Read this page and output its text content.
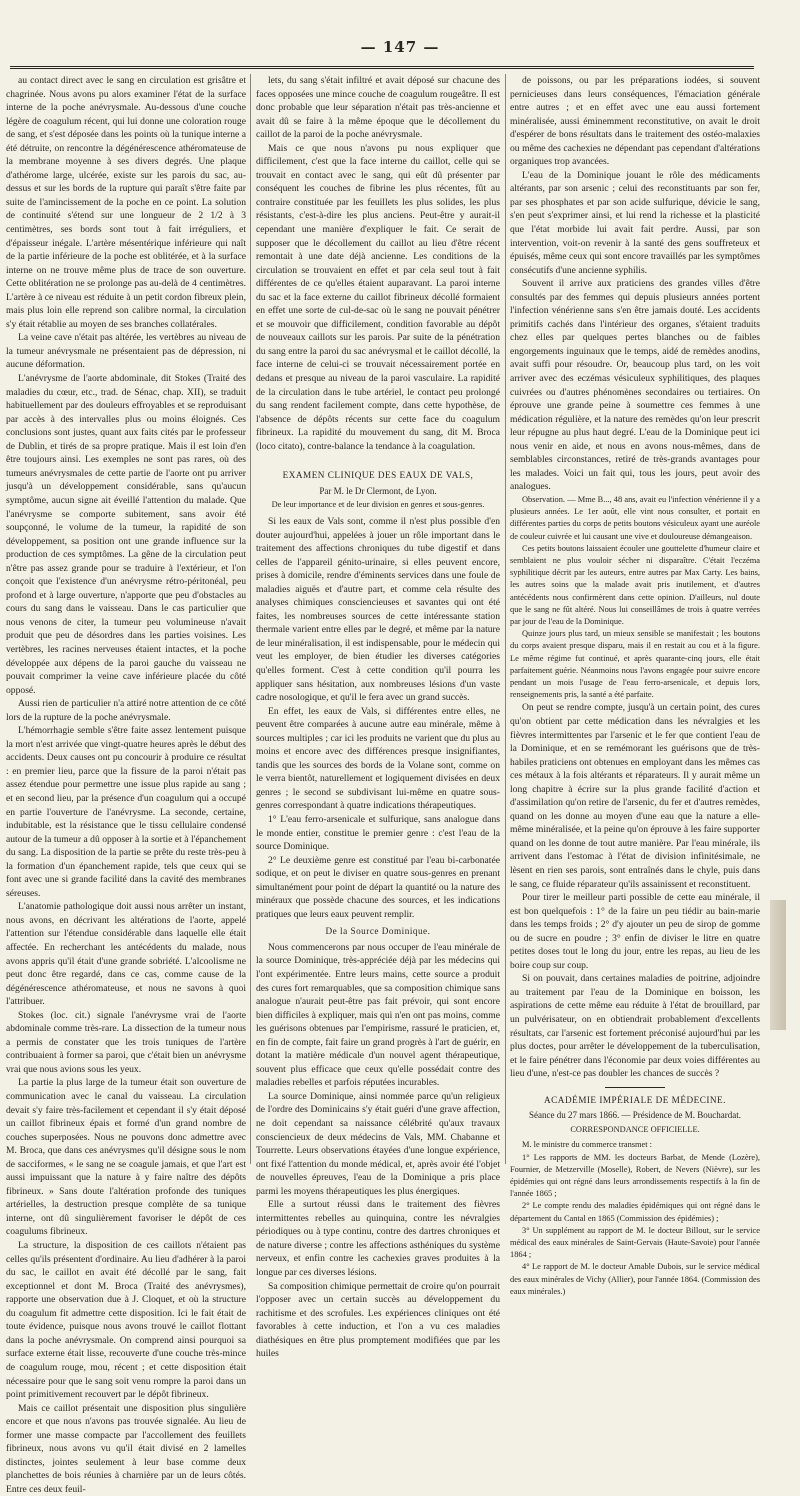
— 147 —

au contact direct avec le sang en circulation est grisâtre et chagrinée. Nous avons pu alors examiner l'état de la surface interne de la poche anévrysmale. Au-dessous d'une couche légère de coagulum récent, qui lui donne une coloration rouge de sang, et s'est déposée dans les points où la tunique interne a été détruite, on rencontre la dégénérescence athéromateuse de la membrane moyenne à ses divers degrés. Une plaque d'athérome large, ulcérée, existe sur les parois du sac, au-dessus et sur les bords de la rupture qui paraît s'être faite par suite de l'amincissement de la poche en ce point. La solution de continuité s'étend sur une longueur de 2 1/2 à 3 centimètres, ses bords sont tout à fait irréguliers, et d'épaisseur inégale. L'artère mésentérique inférieure qui naît de la partie inférieure de la poche est oblitérée, et à la surface interne on ne trouve même plus de trace de son ouverture. Cette oblitération ne se prolonge pas au-delà de 4 centimètres. L'artère à ce niveau est réduite à un petit cordon fibreux plein, mais plus loin elle reprend son calibre normal, la circulation s'y était rétablie au moyen de ses branches collatérales.

La veine cave n'était pas altérée, les vertèbres au niveau de la tumeur anévrysmale ne présentaient pas de dépression, ni aucune déformation.

L'anévrysme de l'aorte abdominale, dit Stokes (Traité des maladies du cœur, etc., trad. de Sénac, chap. XII), se traduit habituellement par des douleurs effroyables et se reproduisant par accès à des intervalles plus ou moins éloignés. Ces conclusions sont justes, quant aux faits cités par le professeur de Dublin, et tirés de sa propre pratique. Mais il est loin d'en être toujours ainsi. Les exemples ne sont pas rares, où des tumeurs anévrysmales de cette partie de l'aorte ont pu arriver jusqu'à un développement considérable, sans qu'aucun symptôme, aucun signe ait éveillé l'attention du malade. Que l'anévrysme se comporte subitement, sans avoir été soupçonné, le volume de la tumeur, la rapidité de son développement, sa position ont une grande influence sur la production de ces symptômes. La gêne de la circulation peut n'être pas assez grande pour se traduire à l'extérieur, et l'on conçoit que l'existence d'un anévrysme rétro-péritonéal, peu profond et à large ouverture, n'apporte que peu d'obstacles au cours du sang dans le vaisseau. Dans le cas particulier que nous venons de citer, la tumeur peu volumineuse n'avait produit que peu de désordres dans les parties voisines. Les vertèbres, les racines nerveuses étaient intactes, et la poche développée aux dépens de la paroi gauche du vaisseau ne pouvait comprimer la veine cave inférieure placée du côté opposé.

Aussi rien de particulier n'a attiré notre attention de ce côté lors de la rupture de la poche anévrysmale.

L'hémorrhagie semble s'être faite assez lentement puisque la mort n'est arrivée que vingt-quatre heures après le début des accidents. Deux causes ont pu concourir à produire ce résultat : en premier lieu, parce que la fissure de la paroi n'était pas assez étendue pour permettre une issue plus rapide au sang ; et en second lieu, par la présence d'un coagulum qui a occupé en partie l'ouverture de l'anévrysme. La seconde, certaine, indubitable, est la résistance que le tissu cellulaire condensé autour de la tumeur a dû opposer à la sortie et à l'épanchement du sang. La disposition de la partie se prête du reste très-peu à la formation d'un épanchement rapide, tels que ceux qui se font avec une si grande facilité dans la cavité des membranes séreuses.

L'anatomie pathologique doit aussi nous arrêter un instant, nous avons, en décrivant les altérations de l'aorte, appelé l'attention sur l'étendue considérable dans laquelle elle était affectée. En recherchant les antécédents du malade, nous avons appris qu'il était d'une grande sobriété. L'alcoolisme ne peut donc être regardé, dans ce cas, comme cause de la dégénérescence athéromateuse, et nous ne savons à quoi l'attribuer.

Stokes (loc. cit.) signale l'anévrysme vrai de l'aorte abdominale comme très-rare. La dissection de la tumeur nous a permis de constater que les trois tuniques de l'artère contribuaient à former sa paroi, que c'était bien un anévrysme vrai que nous avions sous les yeux.

La partie la plus large de la tumeur était son ouverture de communication avec le canal du vaisseau. La circulation devait s'y faire très-facilement et cependant il s'y était déposé un caillot fibrineux épais et formé d'un grand nombre de couches superposées. Nous ne pouvons donc admettre avec M. Broca, que dans ces anévrysmes qu'il désigne sous le nom de sacciformes, « le sang ne se coagule jamais, et que l'art est aussi impuissant que la nature à y faire naître des dépôts fibrineux. » Sans doute l'altération profonde des tuniques artérielles, la destruction presque complète de sa tunique interne, ont dû singulièrement favoriser le dépôt de ces coagulums fibrineux.

La structure, la disposition de ces caillots n'étaient pas celles qu'ils présentent d'ordinaire. Au lieu d'adhérer à la paroi du sac, le caillot en avait été décollé par le sang, fait exceptionnel et dont M. Broca (Traité des anévrysmes), rapporte une observation due à J. Cloquet, et où la structure du coagulum fit admettre cette disposition. Ici le fait était de toute évidence, puisque nous avons trouvé le caillot flottant dans la poche anévrysmale. On comprend ainsi pourquoi sa surface externe était lisse, recouverte d'une couche très-mince de coagulum rouge, mou, récent ; et cette disposition était nécessaire pour que le sang soit venu rompre la paroi dans un point primitivement recouvert par le dépôt fibrineux.

Mais ce caillot présentait une disposition plus singulière encore et que nous n'avons pas trouvée signalée. Au lieu de former une masse compacte par l'accollement des feuillets fibrineux, nous avons vu qu'il était divisé en 2 lamelles distinctes, jointes seulement à leur base comme deux planchettes de bois réunies à charnière par un de leurs côtés. Entre ces deux feuil-

lets, du sang s'était infiltré et avait déposé sur chacune des faces opposées une mince couche de coagulum rougeâtre. Il est donc probable que leur séparation n'était pas très-ancienne et avait dû se faire à la même époque que le décollement du caillot de la paroi de la poche anévrysmale.

Mais ce que nous n'avons pu nous expliquer que difficilement, c'est que la face interne du caillot, celle qui se trouvait en contact avec le sang, qui eût dû présenter par conséquent les couches de fibrine les plus récentes, fût au contraire constituée par les feuillets les plus solides, les plus résistants, c'est-à-dire les plus anciens. Peut-être y aurait-il cependant une manière d'expliquer le fait. Ce serait de supposer que le décollement du caillot au lieu d'être récent remontait à une date déjà ancienne. Les conditions de la circulation se trouvaient en effet et par cela seul tout à fait différentes de ce qu'elles étaient auparavant. La paroi interne du sac et la face externe du caillot fibrineux décollé formaient en effet une sorte de cul-de-sac où le sang ne pouvait pénétrer et se mouvoir que difficilement, condition favorable au dépôt de nouveaux caillots sur les parois. Par suite de la pénétration du sang entre la paroi du sac anévrysmal et le caillot décollé, la face interne de celui-ci se trouvait nécessairement portée en dedans et presque au niveau de la paroi vasculaire. La rapidité de la circulation dans le tube artériel, le contact peu prolongé du sang rendent facilement compte, dans cette hypothèse, de l'absence de dépôts récents sur cette face du coagulum fibrineux. La rapidité du mouvement du sang, dit M. Broca (loco citato), contre-balance la tendance à la coagulation.

EXAMEN CLINIQUE DES EAUX DE VALS,

Par M. le Dr Clermont, de Lyon.

De leur importance et de leur division en genres et sous-genres.

Si les eaux de Vals sont, comme il n'est plus possible d'en douter aujourd'hui, appelées à jouer un rôle important dans le traitement des affections chroniques du tube digestif et dans celles de l'appareil génito-urinaire, si elles peuvent encore, prises à domicile, rendre d'éminents services dans une foule de maladies aiguës et d'autre part, et comme cela résulte des analyses chimiques consciencieuses et savantes qui ont été faites, les nombreuses sources de cette intéressante station thermale varient entre elles par le degré, et même par la nature de leur minéralisation, il est indispensable, pour le médecin qui veut les employer, de bien étudier les diverses catégories qu'elles forment. C'est à cette condition qu'il pourra les appliquer sans hésitation, aux nombreuses lésions d'un vaste cadre nosologique, et qu'il le fera avec un grand succès.

En effet, les eaux de Vals, si différentes entre elles, ne peuvent être comparées à aucune autre eau minérale, même à sources multiples ; car ici les produits ne varient que du plus au moins et encore avec des différences presque insignifiantes, tandis que les sources des bords de la Volane sont, comme on le verra bientôt, naturellement et logiquement divisées en deux genres ; le second se subdivisant lui-même en quatre sous-genres correspondant à quatre indications thérapeutiques.

1° L'eau ferro-arsenicale et sulfurique, sans analogue dans le monde entier, constitue le premier genre : c'est l'eau de la source Dominique.

2° Le deuxième genre est constitué par l'eau bi-carbonatée sodique, et on peut le diviser en quatre sous-genres en prenant simultanément pour point de départ la quantité ou la nature des minéraux que possède chacune des sources, et les indications pratiques que leurs eaux peuvent remplir.

De la Source Dominique.

Nous commencerons par nous occuper de l'eau minérale de la source Dominique, très-appréciée déjà par les médecins qui l'ont expérimentée. Entre leurs mains, cette source a produit des cures fort remarquables, que sa composition chimique sans analogue n'aurait peut-être pas fait prévoir, qui sont encore bien difficiles à expliquer, mais qui n'en ont pas moins, comme les guérisons obtenues par l'empirisme, rassuré le praticien, et, en fin de compte, fait faire un grand progrès à l'art de guérir, en dotant la matière médicale d'un nouvel agent thérapeutique, souvent plus efficace que ceux qu'elle possédait contre des maladies rebelles et parfois réputées incurables.

La source Dominique, ainsi nommée parce qu'un religieux de l'ordre des Dominicains s'y était guéri d'une grave affection, ne doit cependant sa naissance célébrité qu'aux travaux consciencieux de deux médecins de Vals, MM. Chabanne et Tourrette. Leurs observations étayées d'une longue expérience, ont fixé l'attention du monde médical, et, après avoir été l'objet de nouvelles épreuves, l'eau de la Dominique a pris place parmi les moyens thérapeutiques les plus énergiques.

Elle a surtout réussi dans le traitement des fièvres intermittentes rebelles au quinquina, contre les névralgies périodiques ou à type continu, contre des dartres chroniques et de nature diverse ; contre les affections asthéniques du système nerveux, et enfin contre les cachexies graves produites à la longue par ces diverses lésions.

Sa composition chimique permettait de croire qu'on pourrait l'opposer avec un certain succès au développement du rachitisme et des scrofules. Les expériences cliniques ont été favorables à cette induction, et l'on a vu ces maladies diathésiques en être plus promptement modifiées que par les huiles

de poissons, ou par les préparations iodées, si souvent pernicieuses dans leurs conséquences, l'émaciation générale entre autres ; et en effet avec une eau aussi fortement minéralisée, aussi éminemment reconstitutive, on avait le droit d'espérer de bons résultats dans le traitement des ostéo-malaxies ou même des cachexies ne dépendant pas cependant d'altérations organiques trop avancées.

L'eau de la Dominique jouant le rôle des médicaments altérants, par son arsenic ; celui des reconstituants par son fer, par ses phosphates et par son acide sulfurique, dévicie le sang, s'en peut s'exprimer ainsi, et lui rend la richesse et la plasticité que l'état morbide lui avait fait perdre. Aussi, par son intervention, voit-on revenir à la santé des gens souffreteux et épuisés, même ceux qui sont encore travaillés par les symptômes consécutifs d'une ancienne syphilis.

Souvent il arrive aux praticiens des grandes villes d'être consultés par des femmes qui depuis plusieurs années portent l'infection vénérienne sans s'en être jamais douté. Les accidents primitifs cachés dans l'intérieur des organes, s'étaient traduits chez elles par quelques pertes blanches ou de faibles engorgements inguinaux que le temps, aidé de remèdes anodins, avait suffi pour résoudre. Or, beaucoup plus tard, on les voit arriver avec des eczémas vésiculeux syphilitiques, des plaques cuivrées ou d'autres phénomènes secondaires ou tertiaires. On éprouve une grande peine à soumettre ces femmes à une médication régulière, et la nature des remèdes qu'on leur prescrit leur répugne au plus haut degré. L'eau de la Dominique peut ici nous venir en aide, et nous en avons nous-mêmes, dans de semblables circonstances, retiré de très-grands avantages pour les malades. Voici un fait qui, tous les jours, peut avoir des analogues.

Observation. — Mme B..., 48 ans, avait eu l'infection vénérienne il y a plusieurs années. Le 1er août, elle vint nous consulter, et portait en différentes parties du corps de petits boutons vésiculeux ayant une auréole de couleur cuivrée et lui causant une vive et douloureuse démangeaison.

Ces petits boutons laissaient écouler une gouttelette d'humeur claire et semblaient ne plus vouloir sécher ni disparaître. C'était l'eczéma syphilitique décrit par les auteurs, entre autres par Max Carty. Les bains, les autres soins que la malade avait pris inutilement, et d'autres antécédents nous confirmèrent dans cette opinion. D'ailleurs, nul doute que le sang ne fût altéré. Nous lui conseillâmes de trois à quatre verrées par jour de l'eau de la Dominique.

Quinze jours plus tard, un mieux sensible se manifestait ; les boutons du corps avaient presque disparu, mais il en restait au cou et à la figure. Le même régime fut continué, et après quarante-cinq jours, elle était parfaitement guérie. Néanmoins nous l'avons engagée pour suivre encore pendant un mois l'usage de l'eau ferro-arsenicale, et depuis lors, renseignements pris, la santé a été parfaite.

On peut se rendre compte, jusqu'à un certain point, des cures qu'on obtient par cette médication dans les névralgies et les fièvres intermittentes par l'arsenic et le fer que contient l'eau de la Dominique, et en se remémorant les guérisons que de très-habiles praticiens ont obtenues en employant dans les mêmes cas ces métaux à la fois altérants et réparateurs. Il y aurait même un long chapitre à écrire sur la plus grande facilité d'action et d'assimilation qu'on retire de l'arsenic, du fer et d'autres remèdes, quand on les donne au moyen d'une eau que la nature a elle-même minéralisée, et la peine qu'on éprouve à les faire supporter quand on les donne de tout autre manière. Par l'eau minérale, ils arrivent dans l'estomac à l'état de division infinitésimale, ne lèsent en rien ses parois, sont entraînés dans le chyle, puis dans le sang, ce fluide réparateur qu'ils assainissent et reconstituent.

Pour tirer le meilleur parti possible de cette eau minérale, il est bon quelquefois : 1° de la faire un peu tiédir au bain-marie dans les temps froids ; 2° d'y ajouter un peu de sirop de gomme ou de sucre en poudre ; 3° enfin de diviser le litre en quatre petites doses tout le long du jour, entre les repas, au lieu de les boire coup sur coup.

Si on pouvait, dans certaines maladies de poitrine, adjoindre au traitement par l'eau de la Dominique en boisson, les aspirations de cette même eau réduite à l'état de brouillard, par un pulvérisateur, on en obtiendrait probablement d'excellents résultats, car l'arsenic est fortement préconisé aujourd'hui par les plus doctes, pour arrêter le développement de la tuberculisation, et le faire pénétrer dans l'économie par deux voies différentes au lieu d'une, n'est-ce pas doubler les chances de succès ?

ACADÉMIE IMPÉRIALE DE MÉDECINE.

Séance du 27 mars 1866. — Présidence de M. Bouchardat.

CORRESPONDANCE OFFICIELLE.

M. le ministre du commerce transmet :

1° Les rapports de MM. les docteurs Barbat, de Mende (Lozère), Fournier, de Metzerville (Moselle), Robert, de Nevers (Nièvre), sur les épidémies qui ont régné dans leurs arrondissements respectifs à la fin de l'année 1865 ;

2° Le compte rendu des maladies épidémiques qui ont régné dans le département du Cantal en 1865 (Commission des épidémies) ;

3° Un supplément au rapport de M. le docteur Billout, sur le service médical des eaux minérales de Saint-Gervais (Haute-Savoie) pour l'année 1864 ;

4° Le rapport de M. le docteur Amable Dubois, sur le service médical des eaux minérales de Vichy (Allier), pour l'année 1864. (Commission des eaux minérales.)
